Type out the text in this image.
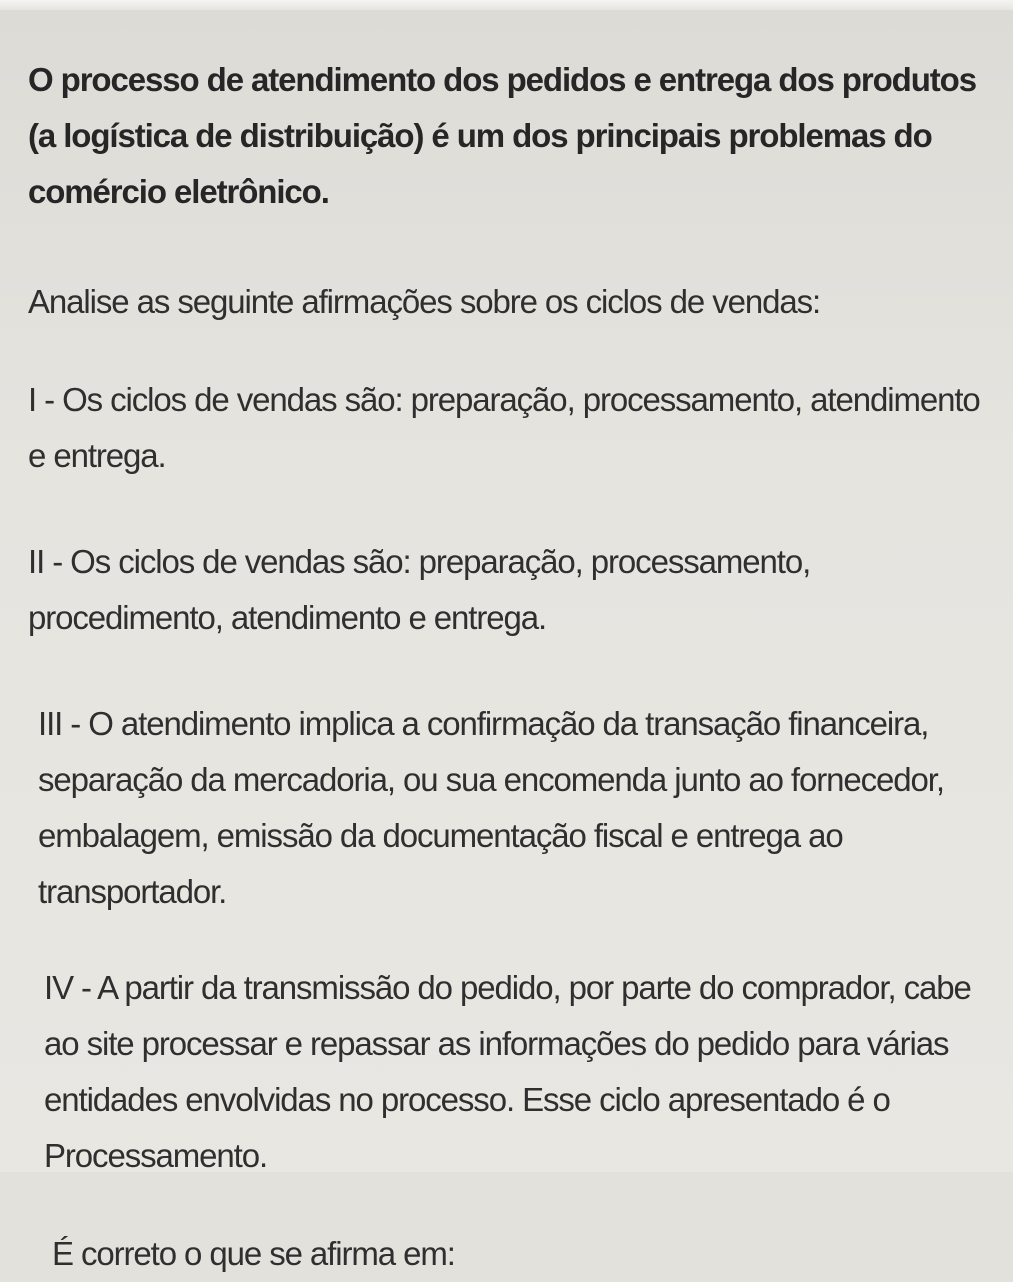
O processo de atendimento dos pedidos e entrega dos produtos (a logística de distribuição) é um dos principais problemas do comércio eletrônico.

Analise as seguinte afirmações sobre os ciclos de vendas:

I - Os ciclos de vendas são: preparação, processamento, atendimento e entrega.

II - Os ciclos de vendas são: preparação, processamento, procedimento, atendimento e entrega.

III - O atendimento implica a confirmação da transação financeira, separação da mercadoria, ou sua encomenda junto ao fornecedor, embalagem, emissão da documentação fiscal e entrega ao transportador.

IV - A partir da transmissão do pedido, por parte do comprador, cabe ao site processar e repassar as informações do pedido para várias entidades envolvidas no processo. Esse ciclo apresentado é o Processamento.

É correto o que se afirma em:
